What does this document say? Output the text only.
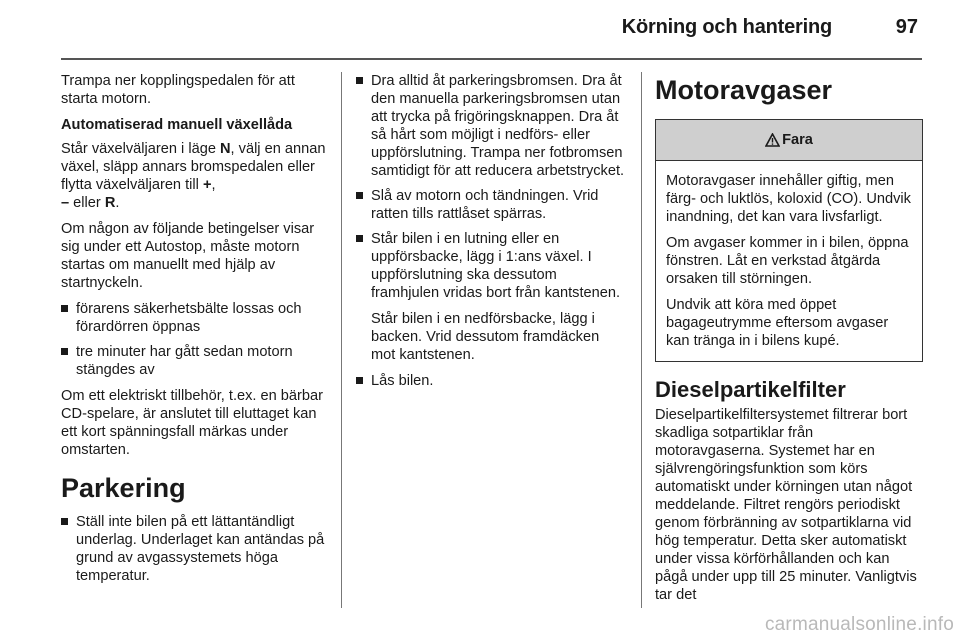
Körning och hantering	97

Trampa ner kopplingspedalen för att starta motorn.

Automatiserad manuell växellåda

Står växelväljaren i läge N, välj en annan växel, släpp annars bromspedalen eller flytta växelväljaren till +,
– eller R.

Om någon av följande betingelser visar sig under ett Autostop, måste motorn startas om manuellt med hjälp av startnyckeln.

förarens säkerhetsbälte lossas och förardörren öppnas
tre minuter har gått sedan motorn stängdes av

Om ett elektriskt tillbehör, t.ex. en bärbar CD-spelare, är anslutet till eluttaget kan ett kort spänningsfall märkas under omstarten.

Parkering
Ställ inte bilen på ett lättantändligt underlag. Underlaget kan antändas på grund av avgassystemets höga temperatur.
Dra alltid åt parkeringsbromsen. Dra åt den manuella parkeringsbromsen utan att trycka på frigöringsknappen. Dra åt så hårt som möjligt i nedförs- eller uppförslutning. Trampa ner fotbromsen samtidigt för att reducera arbetstrycket.
Slå av motorn och tändningen. Vrid ratten tills rattlåset spärras.
Står bilen i en lutning eller en uppförsbacke, lägg i 1:ans växel. I uppförslutning ska dessutom framhjulen vridas bort från kantstenen.

Står bilen i en nedförsbacke, lägg i backen. Vrid dessutom framdäcken mot kantstenen.

Lås bilen.
Motoravgaser
Fara

Motoravgaser innehåller giftig, men färg- och luktlös, koloxid (CO). Undvik inandning, det kan vara livsfarligt.

Om avgaser kommer in i bilen, öppna fönstren. Låt en verkstad åtgärda orsaken till störningen.

Undvik att köra med öppet bagageutrymme eftersom avgaser kan tränga in i bilens kupé.

Dieselpartikelfilter

Dieselpartikelfiltersystemet filtrerar bort skadliga sotpartiklar från motoravgaserna. Systemet har en självrengöringsfunktion som körs automatiskt under körningen utan något meddelande. Filtret rengörs periodiskt genom förbränning av sotpartiklarna vid hög temperatur. Detta sker automatiskt under vissa körförhållanden och kan pågå under upp till 25 minuter. Vanligtvis tar det

carmanualsonline.info
